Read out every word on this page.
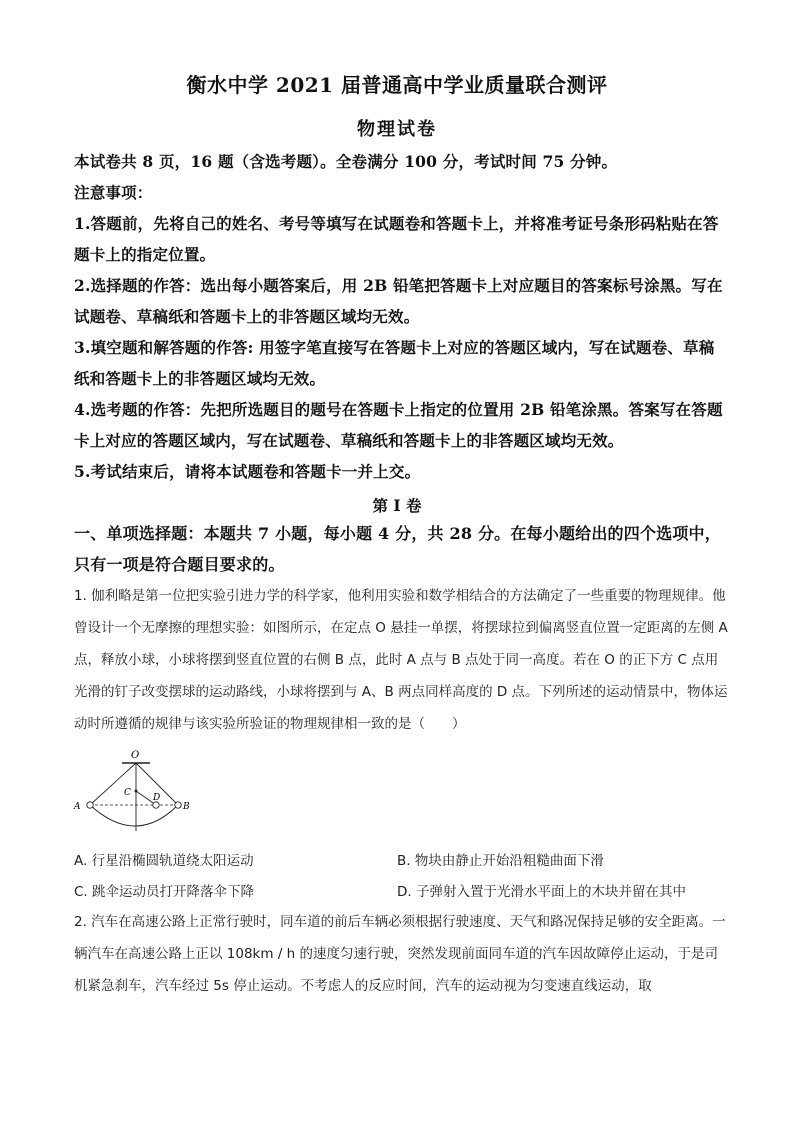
衡水中学 2021 届普通高中学业质量联合测评
物理试卷
本试卷共 8 页，16 题（含选考题）。全卷满分 100 分，考试时间 75 分钟。
注意事项：
1.答题前，先将自己的姓名、考号等填写在试题卷和答题卡上，并将准考证号条形码粘贴在答题卡上的指定位置。
2.选择题的作答：选出每小题答案后，用 2B 铅笔把答题卡上对应题目的答案标号涂黑。写在试题卷、草稿纸和答题卡上的非答题区域均无效。
3.填空题和解答题的作答: 用签字笔直接写在答题卡上对应的答题区域内，写在试题卷、草稿纸和答题卡上的非答题区域均无效。
4.选考题的作答：先把所选题目的题号在答题卡上指定的位置用 2B 铅笔涂黑。答案写在答题卡上对应的答题区域内，写在试题卷、草稿纸和答题卡上的非答题区域均无效。
5.考试结束后，请将本试题卷和答题卡一并上交。
第 I 卷
一、单项选择题：本题共 7 小题，每小题 4 分，共 28 分。在每小题给出的四个选项中，只有一项是符合题目要求的。
1. 伽利略是第一位把实验引进力学的科学家，他利用实验和数学相结合的方法确定了一些重要的物理规律。他曾设计一个无摩擦的理想实验：如图所示，在定点 O 悬挂一单摆，将摆球拉到偏离竖直位置一定距离的左侧 A 点，释放小球，小球将摆到竖直位置的右侧 B 点，此时 A 点与 B 点处于同一高度。若在 O 的正下方 C 点用光滑的钉子改变摆球的运动路线，小球将摆到与 A、B 两点同样高度的 D 点。下列所述的运动情景中，物体运动时所遵循的规律与该实验所验证的物理规律相一致的是（　　）
O
C D
A	B
A. 行星沿椭圆轨道绕太阳运动	B. 物块由静止开始沿粗糙曲面下滑
C. 跳伞运动员打开降落伞下降	D. 子弹射入置于光滑水平面上的木块并留在其中
2. 汽车在高速公路上正常行驶时，同车道的前后车辆必须根据行驶速度、天气和路况保持足够的安全距离。一辆汽车在高速公路上正以 108km / h 的速度匀速行驶，突然发现前面同车道的汽车因故障停止运动，于是司机紧急刹车，汽车经过 5s 停止运动。不考虑人的反应时间，汽车的运动视为匀变速直线运动，取
